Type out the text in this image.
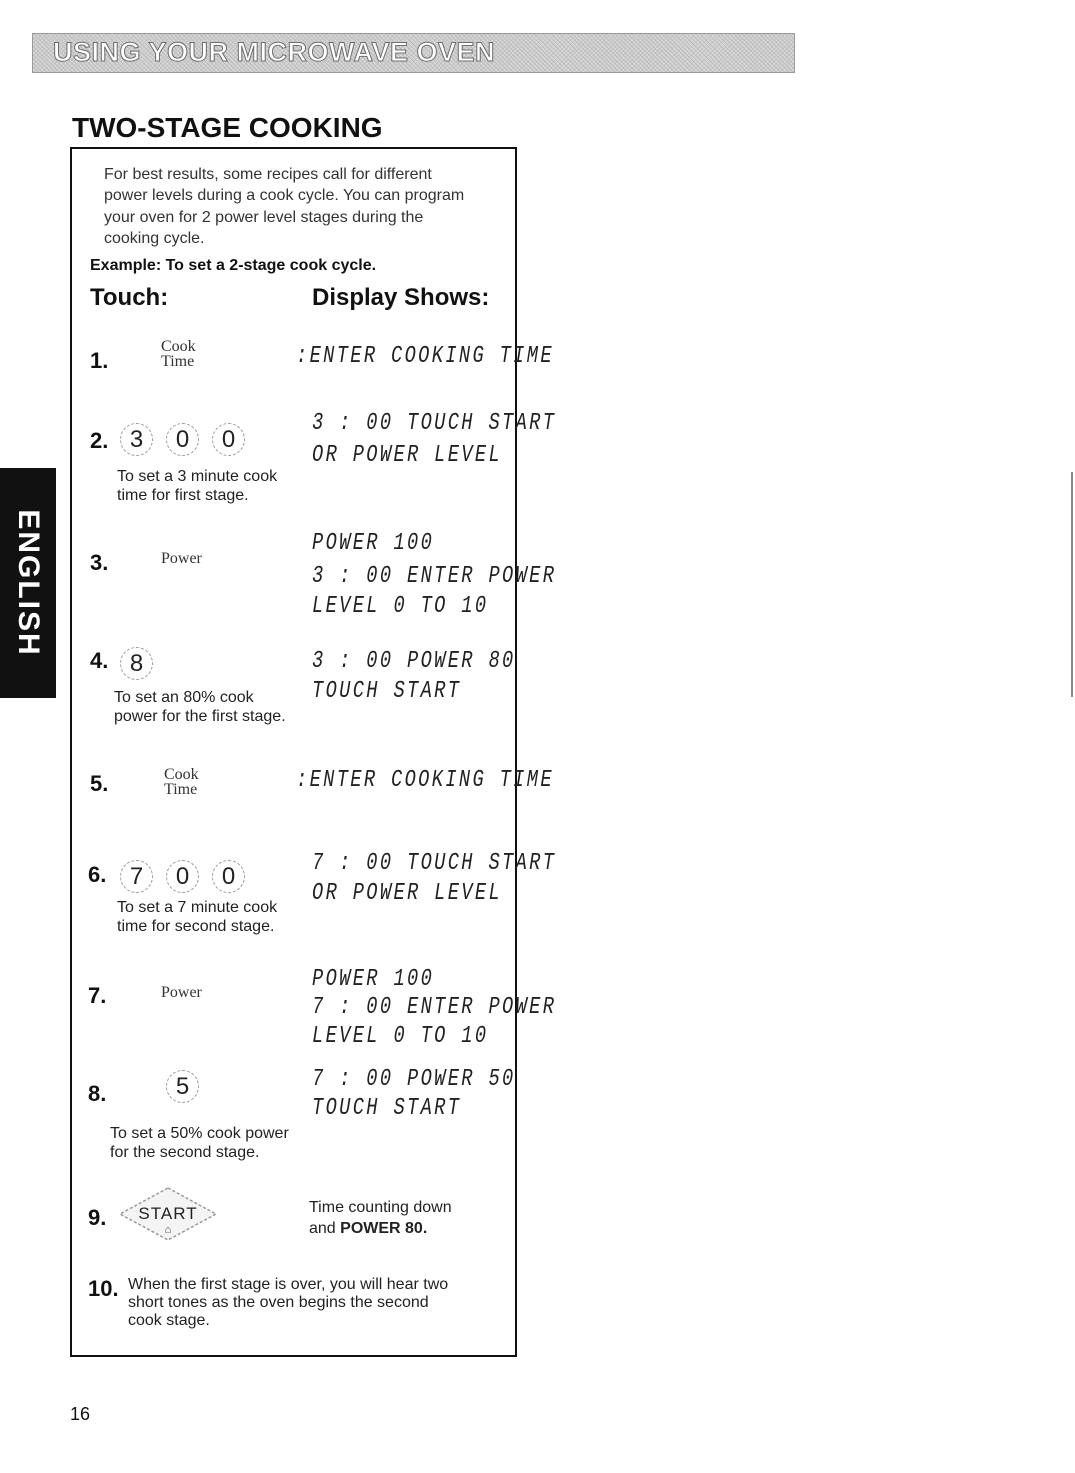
USING YOUR MICROWAVE OVEN
TWO-STAGE COOKING
ENGLISH
For best results, some recipes call for different
power levels during a cook cycle. You can program
your oven for 2 power level stages during the
cooking cycle.
Example: To set a 2-stage cook cycle.
Touch:	Display Shows:
1.
Cook
Time	:ENTER COOKING TIME
2. 3	0	0
To set a 3 minute cook
time for first stage.
3 : 00 TOUCH START
OR POWER LEVEL
3.	Power
POWER 100
3 : 00 ENTER POWER
LEVEL 0 TO 10
4. 8
To set an 80% cook
power for the first stage.
3 : 00 POWER 80
TOUCH START
5.	Cook
Time	:ENTER COOKING TIME
6. 7	0	0
To set a 7 minute cook
time for second stage.
7 : 00 TOUCH START
OR POWER LEVEL
7.	Power	POWER 100
7 : 00 ENTER POWER
LEVEL 0 TO 10
8.	5
To set a 50% cook power
for the second stage.
7 : 00 POWER 50
TOUCH START
9.	START
⌂
Time counting down
and POWER 80.
10. When the first stage is over, you will hear two
short tones as the oven begins the second
cook stage.
16
